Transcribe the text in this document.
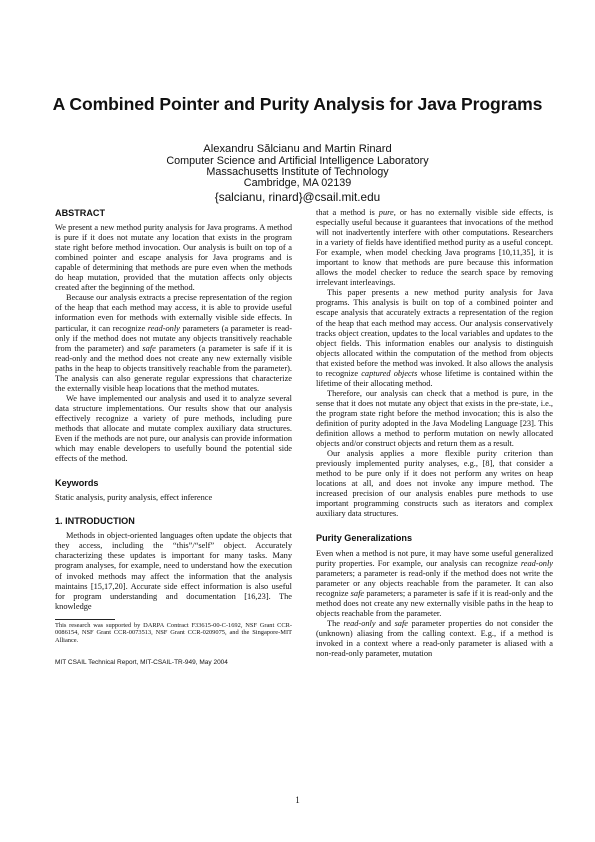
A Combined Pointer and Purity Analysis for Java Programs
Alexandru Sălcianu and Martin Rinard
Computer Science and Artificial Intelligence Laboratory
Massachusetts Institute of Technology
Cambridge, MA 02139
{salcianu, rinard}@csail.mit.edu
ABSTRACT

We present a new method purity analysis for Java programs. A method is pure if it does not mutate any location that exists in the program state right before method invocation. Our analysis is built on top of a combined pointer and escape analysis for Java programs and is capable of determining that methods are pure even when the methods do heap mutation, provided that the mutation affects only objects created after the beginning of the method.

Because our analysis extracts a precise representation of the region of the heap that each method may access, it is able to provide useful information even for methods with externally visible side effects. In particular, it can recognize read-only parameters (a parameter is read-only if the method does not mutate any objects transitively reachable from the parameter) and safe parameters (a parameter is safe if it is read-only and the method does not create any new externally visible paths in the heap to objects transitively reachable from the parameter). The analysis can also generate regular expressions that characterize the externally visible heap locations that the method mutates.

We have implemented our analysis and used it to analyze several data structure implementations. Our results show that our analysis effectively recognize a variety of pure methods, including pure methods that allocate and mutate complex auxiliary data structures. Even if the methods are not pure, our analysis can provide information which may enable developers to usefully bound the potential side effects of the method.

Keywords

Static analysis, purity analysis, effect inference

1. INTRODUCTION

Methods in object-oriented languages often update the objects that they access, including the “this”/“self” object. Accurately characterizing these updates is important for many tasks. Many program analyses, for example, need to understand how the execution of invoked methods may affect the information that the analysis maintains [15,17,20]. Accurate side effect information is also useful for program understanding and documentation [16,23]. The knowledge

This research was supported by DARPA Contract F33615-00-C-1692, NSF Grant CCR-0086154, NSF Grant CCR-0073513, NSF Grant CCR-0209075, and the Singapore-MIT Alliance.
MIT CSAIL Technical Report, MIT-CSAIL-TR-949, May 2004

that a method is pure, or has no externally visible side effects, is especially useful because it guarantees that invocations of the method will not inadvertently interfere with other computations. Researchers in a variety of fields have identified method purity as a useful concept. For example, when model checking Java programs [10,11,35], it is important to know that methods are pure because this information allows the model checker to reduce the search space by removing irrelevant interleavings.

This paper presents a new method purity analysis for Java programs. This analysis is built on top of a combined pointer and escape analysis that accurately extracts a representation of the region of the heap that each method may access. Our analysis conservatively tracks object creation, updates to the local variables and updates to the object fields. This information enables our analysis to distinguish objects allocated within the computation of the method from objects that existed before the method was invoked. It also allows the analysis to recognize captured objects whose lifetime is contained within the lifetime of their allocating method.

Therefore, our analysis can check that a method is pure, in the sense that it does not mutate any object that exists in the pre-state, i.e., the program state right before the method invocation; this is also the definition of purity adopted in the Java Modeling Language [23]. This definition allows a method to perform mutation on newly allocated objects and/or construct objects and return them as a result.

Our analysis applies a more flexible purity criterion than previously implemented purity analyses, e.g., [8], that consider a method to be pure only if it does not perform any writes on heap locations at all, and does not invoke any impure method. The increased precision of our analysis enables pure methods to use important programming constructs such as iterators and complex auxiliary data structures.

Purity Generalizations

Even when a method is not pure, it may have some useful generalized purity properties. For example, our analysis can recognize read-only parameters; a parameter is read-only if the method does not write the parameter or any objects reachable from the parameter. It can also recognize safe parameters; a parameter is safe if it is read-only and the method does not create any new externally visible paths in the heap to objects reachable from the parameter.

The read-only and safe parameter properties do not consider the (unknown) aliasing from the calling context. E.g., if a method is invoked in a context where a read-only parameter is aliased with a non-read-only parameter, mutation

1
